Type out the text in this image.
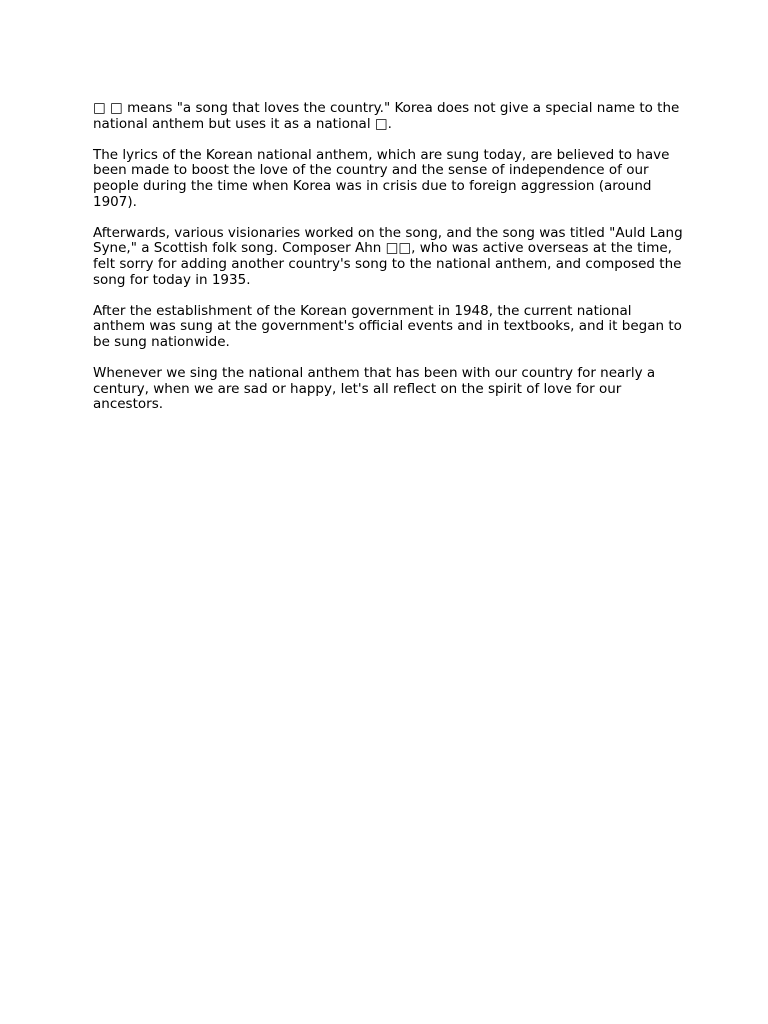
□ □ means "a song that loves the country." Korea does not give a special name to the national anthem but uses it as a national □.

The lyrics of the Korean national anthem, which are sung today, are believed to have been made to boost the love of the country and the sense of independence of our people during the time when Korea was in crisis due to foreign aggression (around 1907).

Afterwards, various visionaries worked on the song, and the song was titled "Auld Lang Syne," a Scottish folk song. Composer Ahn □□, who was active overseas at the time, felt sorry for adding another country's song to the national anthem, and composed the song for today in 1935.

After the establishment of the Korean government in 1948, the current national anthem was sung at the government's official events and in textbooks, and it began to be sung nationwide.

Whenever we sing the national anthem that has been with our country for nearly a century, when we are sad or happy, let's all reflect on the spirit of love for our ancestors.
